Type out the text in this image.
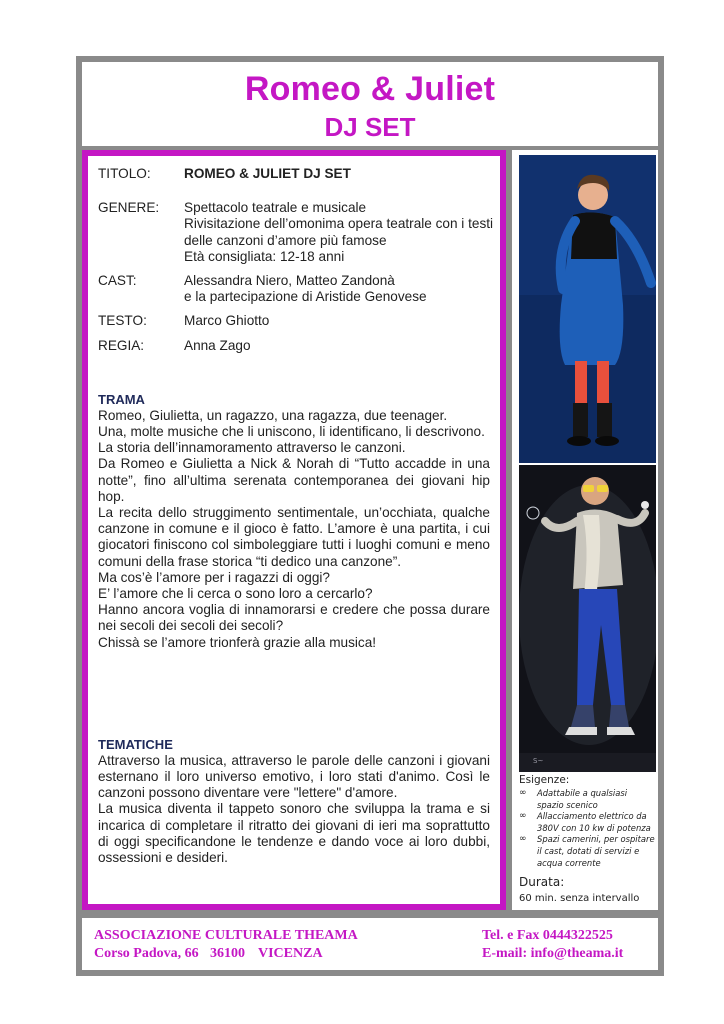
Romeo & Juliet
DJ SET
TITOLO:	ROMEO & JULIET DJ SET
GENERE:	Spettacolo teatrale e musicale
Rivisitazione dell’omonima opera teatrale con i testi
delle canzoni d’amore più famose
Età consigliata: 12-18 anni
CAST:	Alessandra Niero, Matteo Zandonà
e la partecipazione di Aristide Genovese
TESTO:	Marco Ghiotto
REGIA:	Anna Zago
TRAMA
Romeo, Giulietta, un ragazzo, una ragazza, due teenager.
Una, molte musiche che li uniscono, li identificano, li descrivono.
La storia dell’innamoramento attraverso le canzoni.
Da Romeo e Giulietta a Nick & Norah di “Tutto accadde in una
notte”, fino all’ultima serenata contemporanea dei giovani hip
hop.
La recita dello struggimento sentimentale, un’occhiata, qualche
canzone in comune e il gioco è fatto. L’amore è una partita, i cui
giocatori finiscono col simboleggiare tutti i luoghi comuni e meno
comuni della frase storica “ti dedico una canzone”.
Ma cos’è l’amore per i ragazzi di oggi?
E’ l’amore che li cerca o sono loro a cercarlo?
Hanno ancora voglia di innamorarsi e credere che possa durare
nei secoli dei secoli dei secoli?
Chissà se l’amore trionferà grazie alla musica!
TEMATICHE
Attraverso la musica, attraverso le parole delle canzoni i giovani
esternano il loro universo emotivo, i loro stati d'animo. Così le
canzoni possono diventare vere "lettere" d'amore.
La musica diventa il tappeto sonoro che sviluppa la trama e si
incarica di completare il ritratto dei giovani di ieri ma soprattutto
di oggi specificandone le tendenze e dando voce ai loro dubbi,
ossessioni e desideri.
S~
Esigenze:
∞ Adattabile a qualsiasi
spazio scenico
∞ Allacciamento elettrico da
380V con 10 kw di potenza
∞ Spazi camerini, per ospitare
il cast, dotati di servizi e
acqua corrente
Durata:
60 min. senza intervallo
ASSOCIAZIONE CULTURALE THEAMA
Corso Padova, 66 36100 VICENZA
Tel. e Fax 0444322525
E-mail: info@theama.it
